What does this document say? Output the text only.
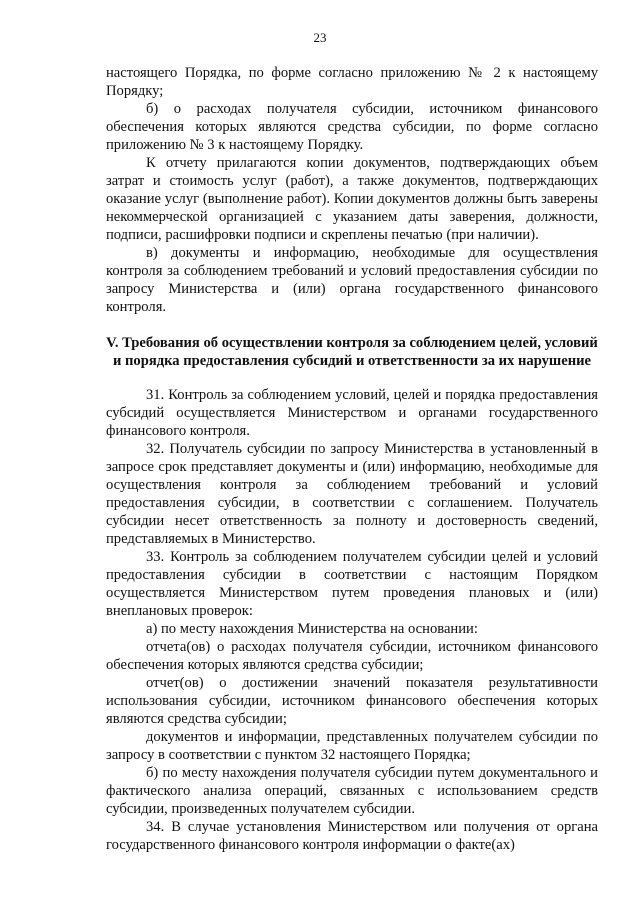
23

настоящего Порядка, по форме согласно приложению № 2 к настоящему Порядку;

б) о расходах получателя субсидии, источником финансового обеспечения которых являются средства субсидии, по форме согласно приложению № 3 к настоящему Порядку.

К отчету прилагаются копии документов, подтверждающих объем затрат и стоимость услуг (работ), а также документов, подтверждающих оказание услуг (выполнение работ). Копии документов должны быть заверены некоммерческой организацией с указанием даты заверения, должности, подписи, расшифровки подписи и скреплены печатью (при наличии).

в) документы и информацию, необходимые для осуществления контроля за соблюдением требований и условий предоставления субсидии по запросу Министерства и (или) органа государственного финансового контроля.

V. Требования об осуществлении контроля за соблюдением целей, условий и порядка предоставления субсидий и ответственности за их нарушение

31. Контроль за соблюдением условий, целей и порядка предоставления субсидий осуществляется Министерством и органами государственного финансового контроля.

32. Получатель субсидии по запросу Министерства в установленный в запросе срок представляет документы и (или) информацию, необходимые для осуществления контроля за соблюдением требований и условий предоставления субсидии, в соответствии с соглашением. Получатель субсидии несет ответственность за полноту и достоверность сведений, представляемых в Министерство.

33. Контроль за соблюдением получателем субсидии целей и условий предоставления субсидии в соответствии с настоящим Порядком осуществляется Министерством путем проведения плановых и (или) внеплановых проверок:

а) по месту нахождения Министерства на основании:

отчета(ов) о расходах получателя субсидии, источником финансового обеспечения которых являются средства субсидии;

отчет(ов) о достижении значений показателя результативности использования субсидии, источником финансового обеспечения которых являются средства субсидии;

документов и информации, представленных получателем субсидии по запросу в соответствии с пунктом 32 настоящего Порядка;

б) по месту нахождения получателя субсидии путем документального и фактического анализа операций, связанных с использованием средств субсидии, произведенных получателем субсидии.

34. В случае установления Министерством или получения от органа государственного финансового контроля информации о факте(ах)
